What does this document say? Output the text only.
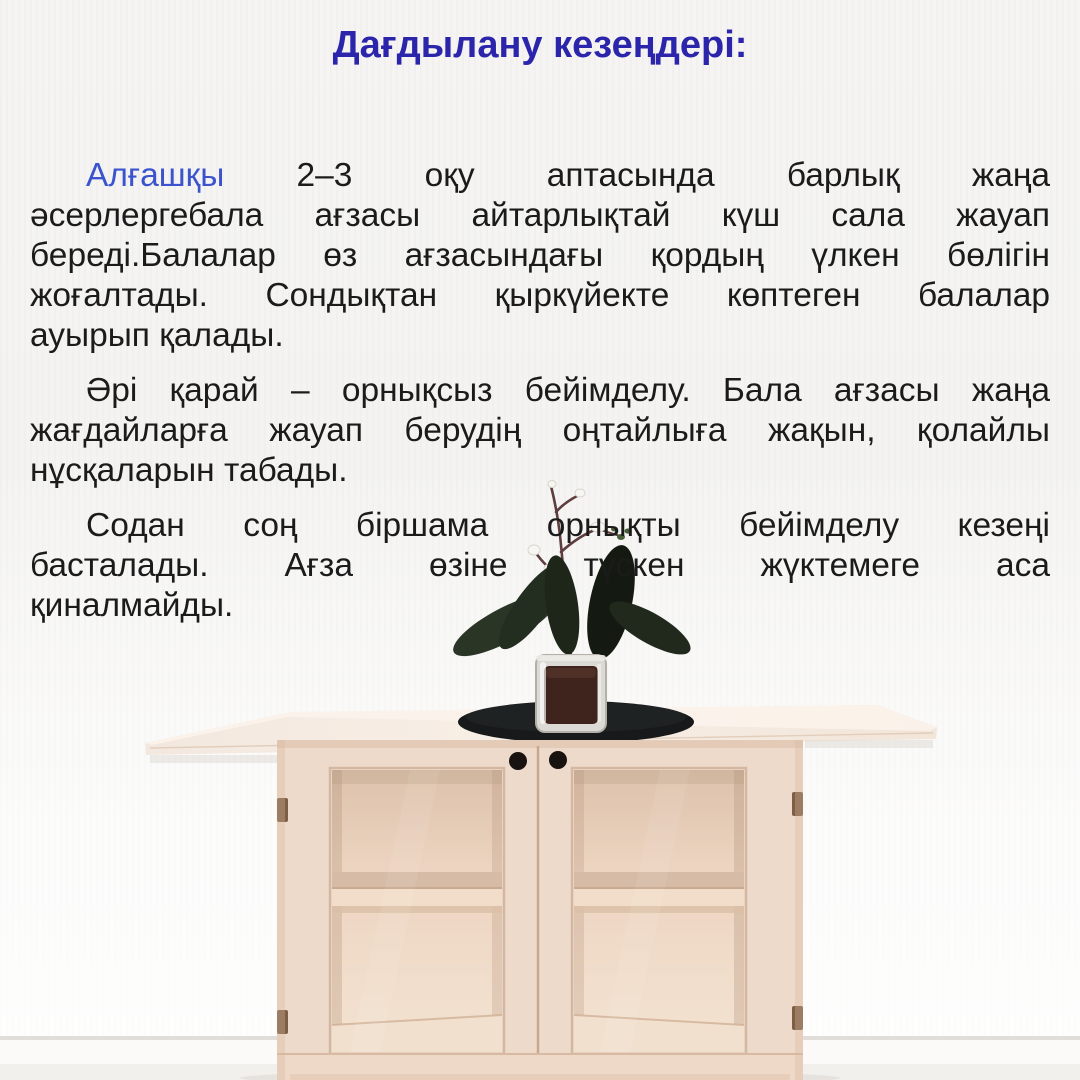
Дағдылану кезеңдері:
Алғашқы 2–3 оқу аптасында барлық жаңа
әсерлергебала ағзасы айтарлықтай күш сала жауап
береді.Балалар өз ағзасындағы қордың үлкен бөлігін
жоғалтады. Сондықтан қыркүйекте көптеген балалар
ауырып қалады.
Әрі қарай – орнықсыз бейімделу. Бала ағзасы жаңа
жағдайларға жауап берудің оңтайлыға жақын, қолайлы
нұсқаларын табады.
Содан соң біршама орнықты бейімделу кезеңі
басталады. Ағза өзіне түскен жүктемеге аса
қиналмайды.
